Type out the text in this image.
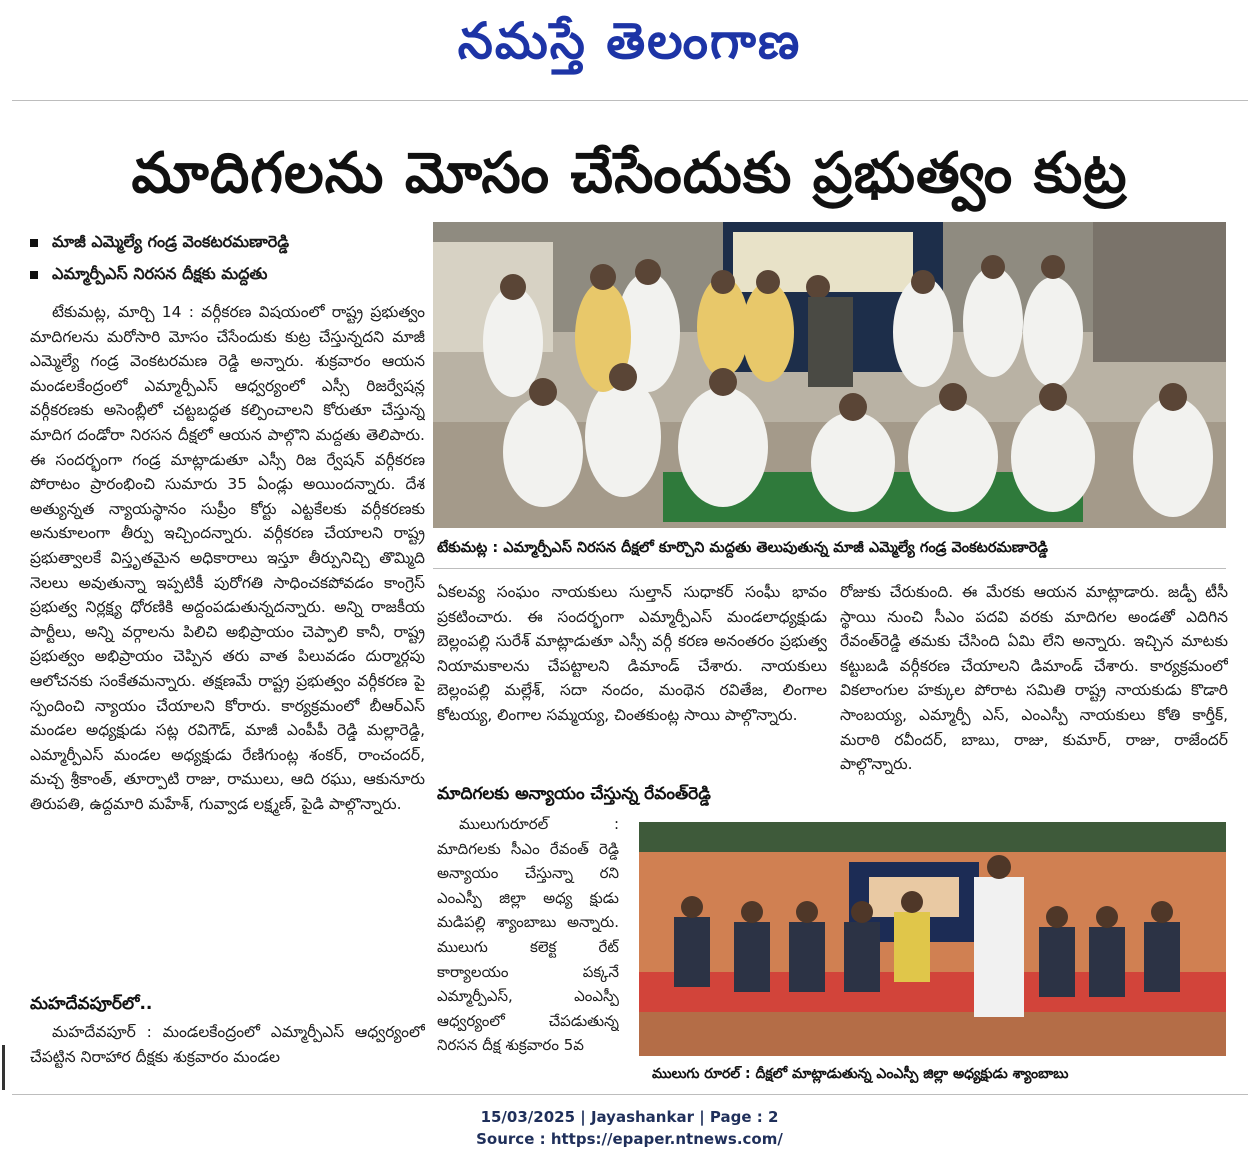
నమస్తే తెలంగాణ
మాదిగలను మోసం చేసేందుకు ప్రభుత్వం కుట్ర
మాజీ ఎమ్మెల్యే గండ్ర వెంకటరమణారెడ్డి
ఎమ్మార్పీఎస్ నిరసన దీక్షకు మద్దతు

టేకుమట్ల, మార్చి 14 : వర్గీకరణ విషయంలో రాష్ట్ర ప్రభుత్వం మాదిగలను మరోసారి మోసం చేసేందుకు కుట్ర చేస్తున్నదని మాజీ ఎమ్మెల్యే గండ్ర వెంకటరమణ రెడ్డి అన్నారు. శుక్రవారం ఆయన మండలకేంద్రంలో ఎమ్మార్పీఎస్ ఆధ్వర్యంలో ఎస్సీ రిజర్వేషన్ల వర్గీకరణకు అసెంబ్లీలో చట్టబద్ధత కల్పించాలని కోరుతూ చేస్తున్న మాదిగ దండోరా నిరసన దీక్షలో ఆయన పాల్గొని మద్దతు తెలిపారు. ఈ సందర్భంగా గండ్ర మాట్లాడుతూ ఎస్సీ రిజ ర్వేషన్ వర్గీకరణ పోరాటం ప్రారంభించి సుమారు 35 ఏండ్లు అయిందన్నారు. దేశ అత్యున్నత న్యాయస్థానం సుప్రీం కోర్టు ఎట్టకేలకు వర్గీకరణకు అనుకూలంగా తీర్పు ఇచ్చిందన్నారు. వర్గీకరణ చేయాలని రాష్ట్ర ప్రభుత్వాలకే విస్తృతమైన అధికారాలు ఇస్తూ తీర్పునిచ్చి తొమ్మిది నెలలు అవుతున్నా ఇప్పటికీ పురోగతి సాధించకపోవడం కాంగ్రెస్ ప్రభుత్వ నిర్లక్ష్య ధోరణికి అద్దంపడుతున్నదన్నారు. అన్ని రాజకీయ పార్టీలు, అన్ని వర్గాలను పిలిచి అభిప్రాయం చెప్పాలి కానీ, రాష్ట్ర ప్రభుత్వం అభిప్రాయం చెప్పిన తరు వాత పిలువడం దుర్మార్గపు ఆలోచనకు సంకేతమన్నారు. తక్షణమే రాష్ట్ర ప్రభుత్వం వర్గీకరణ పై స్పందించి న్యాయం చేయాలని కోరారు. కార్యక్రమంలో బీఆర్ఎస్ మండల అధ్యక్షుడు సట్ల రవిగౌడ్, మాజీ ఎంపీపీ రెడ్డి మల్లారెడ్డి, ఎమ్మార్పీఎస్ మండల అధ్యక్షుడు రేణిగుంట్ల శంకర్, రాంచందర్, మచ్చ శ్రీకాంత్, తూర్పాటి రాజు, రాములు, ఆది రఘు, ఆకునూరు తిరుపతి, ఉద్దమారి మహేశ్, గువ్వాడ లక్ష్మణ్, పైడి పాల్గొన్నారు.

మహదేవపూర్‌లో..

మహదేవపూర్ : మండలకేంద్రంలో ఎమ్మార్పీఎస్ ఆధ్వర్యంలో చేపట్టిన నిరాహార దీక్షకు శుక్రవారం మండల

టేకుమట్ల : ఎమ్మార్పీఎస్ నిరసన దీక్షలో కూర్చొని మద్దతు తెలుపుతున్న మాజీ ఎమ్మెల్యే గండ్ర వెంకటరమణారెడ్డి

ఏకలవ్య సంఘం నాయకులు సుల్తాన్ సుధాకర్ సంఘీ భావం ప్రకటించారు. ఈ సందర్భంగా ఎమ్మార్పీఎస్ మండలాధ్యక్షుడు బెల్లంపల్లి సురేశ్ మాట్లాడుతూ ఎస్సీ వర్గీ కరణ అనంతరం ప్రభుత్వ నియామకాలను చేపట్టాలని డిమాండ్ చేశారు. నాయకులు బెల్లంపల్లి మల్లేశ్, సదా నందం, మంథెన రవితేజ, లింగాల కోటయ్య, లింగాల సమ్మయ్య, చింతకుంట్ల సాయి పాల్గొన్నారు.

మాదిగలకు అన్యాయం చేస్తున్న రేవంత్‌రెడ్డి

ములుగురూరల్ : మాదిగలకు సీఎం రేవంత్ రెడ్డి అన్యాయం చేస్తున్నా రని ఎంఎస్పీ జిల్లా అధ్య క్షుడు మడిపల్లి శ్యాంబాబు అన్నారు. ములుగు కలెక్ట రేట్ కార్యాలయం పక్కనే ఎమ్మార్పీఎస్, ఎంఎస్పీ ఆధ్వర్యంలో చేపడుతున్న నిరసన దీక్ష శుక్రవారం 5వ

రోజుకు చేరుకుంది. ఈ మేరకు ఆయన మాట్లాడారు. జడ్పీ టీసీ స్థాయి నుంచి సీఎం పదవి వరకు మాదిగల అండతో ఎదిగిన రేవంత్‌రెడ్డి తమకు చేసింది ఏమి లేని అన్నారు. ఇచ్చిన మాటకు కట్టుబడి వర్గీకరణ చేయాలని డిమాండ్ చేశారు. కార్యక్రమంలో వికలాంగుల హక్కుల పోరాట సమితి రాష్ట్ర నాయకుడు కొడారి సాంబయ్య, ఎమ్మార్పీ ఎస్, ఎంఎస్పీ నాయకులు కోతి కార్తీక్, మరాఠి రవీందర్, బాబు, రాజు, కుమార్, రాజు, రాజేందర్ పాల్గొన్నారు.

ములుగు రూరల్ : దీక్షలో మాట్లాడుతున్న ఎంఎస్పీ జిల్లా అధ్యక్షుడు శ్యాంబాబు
15/03/2025 | Jayashankar | Page : 2
Source : https://epaper.ntnews.com/
